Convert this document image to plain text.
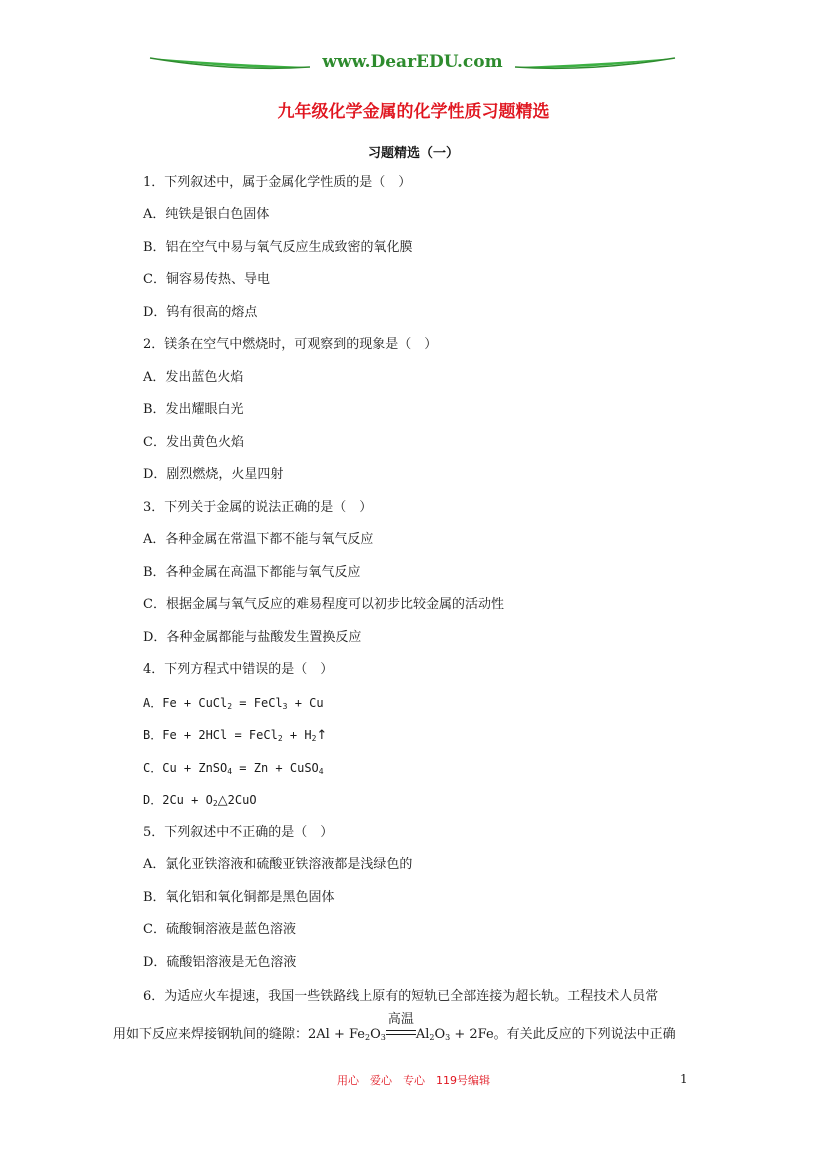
www.DearEDU.com
九年级化学金属的化学性质习题精选
习题精选（一）
1．下列叙述中，属于金属化学性质的是（　）
A．纯铁是银白色固体
B．铝在空气中易与氧气反应生成致密的氧化膜
C．铜容易传热、导电
D．钨有很高的熔点
2．镁条在空气中燃烧时，可观察到的现象是（　）
A．发出蓝色火焰
B．发出耀眼白光
C．发出黄色火焰
D．剧烈燃烧，火星四射
3．下列关于金属的说法正确的是（　）
A．各种金属在常温下都不能与氧气反应
B．各种金属在高温下都能与氧气反应
C．根据金属与氧气反应的难易程度可以初步比较金属的活动性
D．各种金属都能与盐酸发生置换反应
4．下列方程式中错误的是（　）
A．Fe + CuCl$_2$ = FeCl$_3$ + Cu
B．Fe + 2HCl = FeCl$_2$ + $H_2↑$
C．Cu + ZnSO$_4$ = Zn + CuSO$_4$
D．$2Cu + O_2\triangle 2CuO$
5．下列叙述中不正确的是（　）
A．氯化亚铁溶液和硫酸亚铁溶液都是浅绿色的
B．氧化铝和氧化铜都是黑色固体
C．硫酸铜溶液是蓝色溶液
D．硫酸铝溶液是无色溶液
6．为适应火车提速，我国一些铁路线上原有的短轨已全部连接为超长轨。工程技术人员常
用如下反应来焊接钢轨间的缝隙：$2Al + Fe_2O_3$
高温
$Al_2O_3 + 2Fe$。有关此反应的下列说法中正确
用心　爱心　专心　119号编辑	1
